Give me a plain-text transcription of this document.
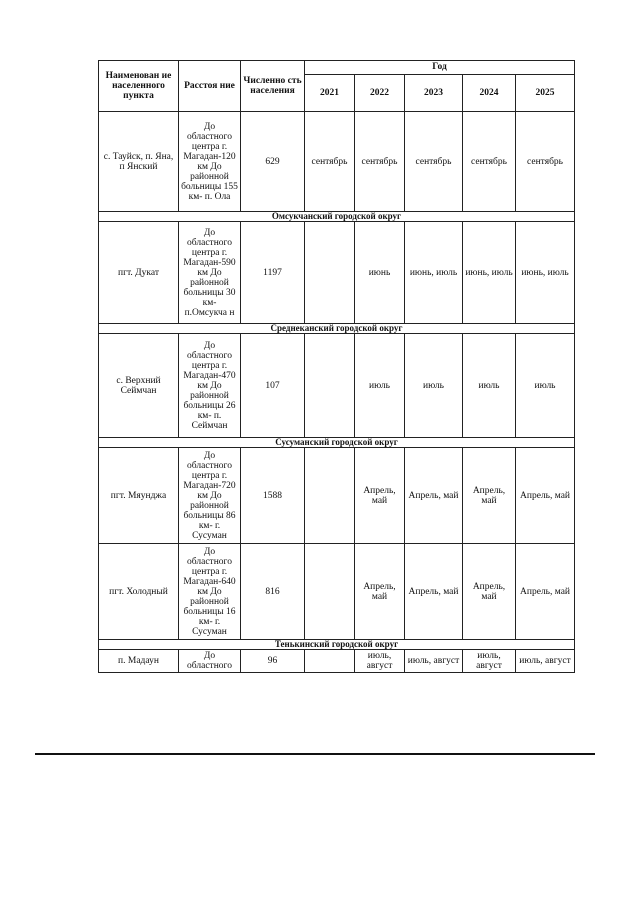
Наименован ие населенного пункта	Расстоя ние	Численно сть населения	Год				
			2021	2022	2023	2024	2025
с. Тауйск, п. Яна, п Янский	До областного центра г. Магадан-120 км До районной больницы 155 км- п. Ола	629	сентябрь	сентябрь	сентябрь	сентябрь	сентябрь
Омсукчанский городской округ							
пгт. Дукат	До областного центра г. Магадан-590 км До районной больницы 30 км- п.Омсукча н	1197		июнь	июнь, июль	июнь, июль	июнь, июль
Среднеканский городской округ							
с. Верхний Сеймчан	До областного центра г. Магадан-470 км До районной больницы 26 км- п. Сеймчан	107		июль	июль	июль	июль
Сусуманский городской округ							
пгт. Мяунджа	До областного центра г. Магадан-720 км До районной больницы 86 км- г. Сусуман	1588		Апрель, май	Апрель, май	Апрель, май	Апрель, май
пгт. Холодный	До областного центра г. Магадан-640 км До районной больницы 16 км- г. Сусуман	816		Апрель, май	Апрель, май	Апрель, май	Апрель, май
Тенькинский городской округ							
п. Мадаун	До областного	96		июль, август	июль, август	июль, август	июль, август
